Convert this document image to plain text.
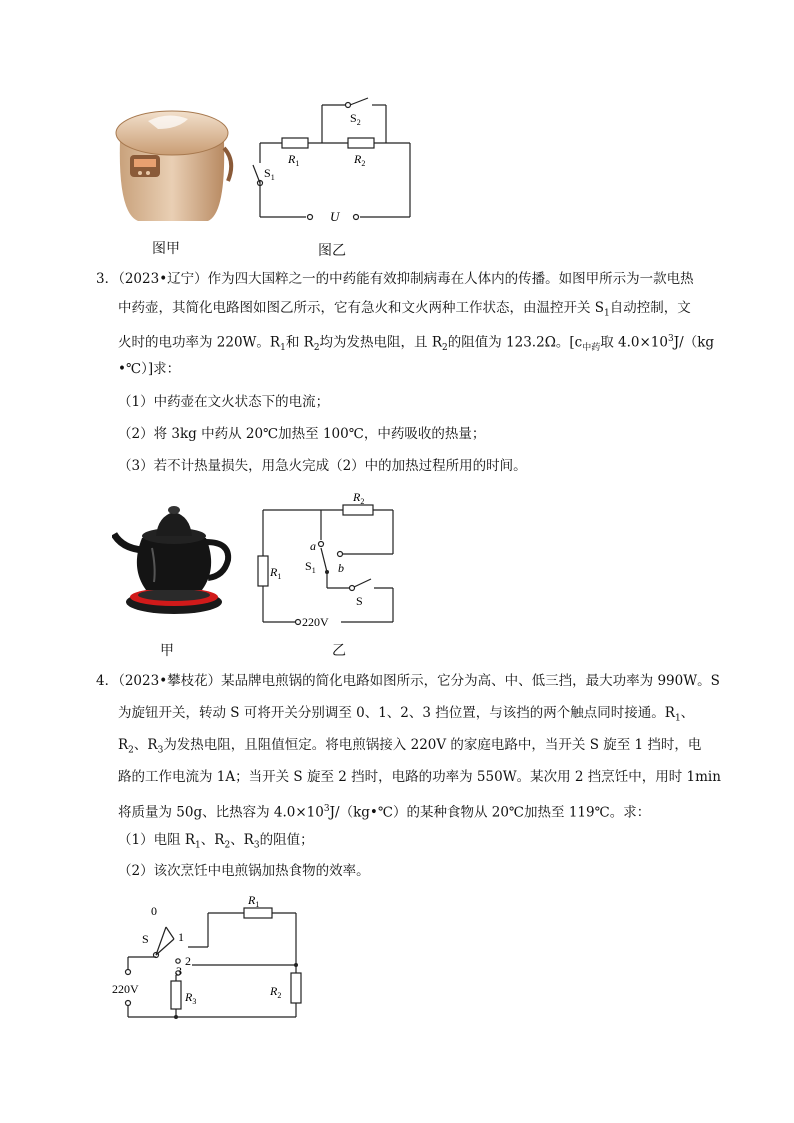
图甲	图乙
$S_2$
$R_1$	$R_2$
$S_1$
U
3．（2023•辽宁）作为四大国粹之一的中药能有效抑制病毒在人体内的传播。如图甲所示为一款电热
中药壶，其简化电路图如图乙所示，它有急火和文火两种工作状态，由温控开关 $S_1$自动控制，文
火时的电功率为 220W。$R_1$和 $R_2$均为发热电阻，且 $R_2$的阻值为 123.2Ω。[$c_{中药}$取 $4.0\times 10^3J/(kg$
•℃）]求：
（1）中药壶在文火状态下的电流；
（2）将 3kg 中药从 20℃加热至 100℃，中药吸收的热量；
（3）若不计热量损失，用急火完成（2）中的加热过程所用的时间。
甲	乙
$R_2$
$R_1$
a
b
$S_1$
S
220V
4．（2023•攀枝花）某品牌电煎锅的简化电路如图所示，它分为高、中、低三挡，最大功率为 990W。S
为旋钮开关，转动 S 可将开关分别调至 0、1、2、3 挡位置，与该挡的两个触点同时接通。$R_1$、
$R_2$、$R_3$为发热电阻，且阻值恒定。将电煎锅接入 220V 的家庭电路中，当开关 S 旋至 1 挡时，电
路的工作电流为 1A；当开关 S 旋至 2 挡时，电路的功率为 550W。某次用 2 挡烹饪中，用时 1min
将质量为 50g、比热容为 $4.0\times 10^3J/(kg•℃)$的某种食物从 20℃加热至 119℃。求：
（1）电阻 $R_1$、$R_2$、$R_3$的阻值；
（2）该次烹饪中电煎锅加热食物的效率。
0
S 1
2
3
220V
$R_1$
$R_2$
$R_3$
